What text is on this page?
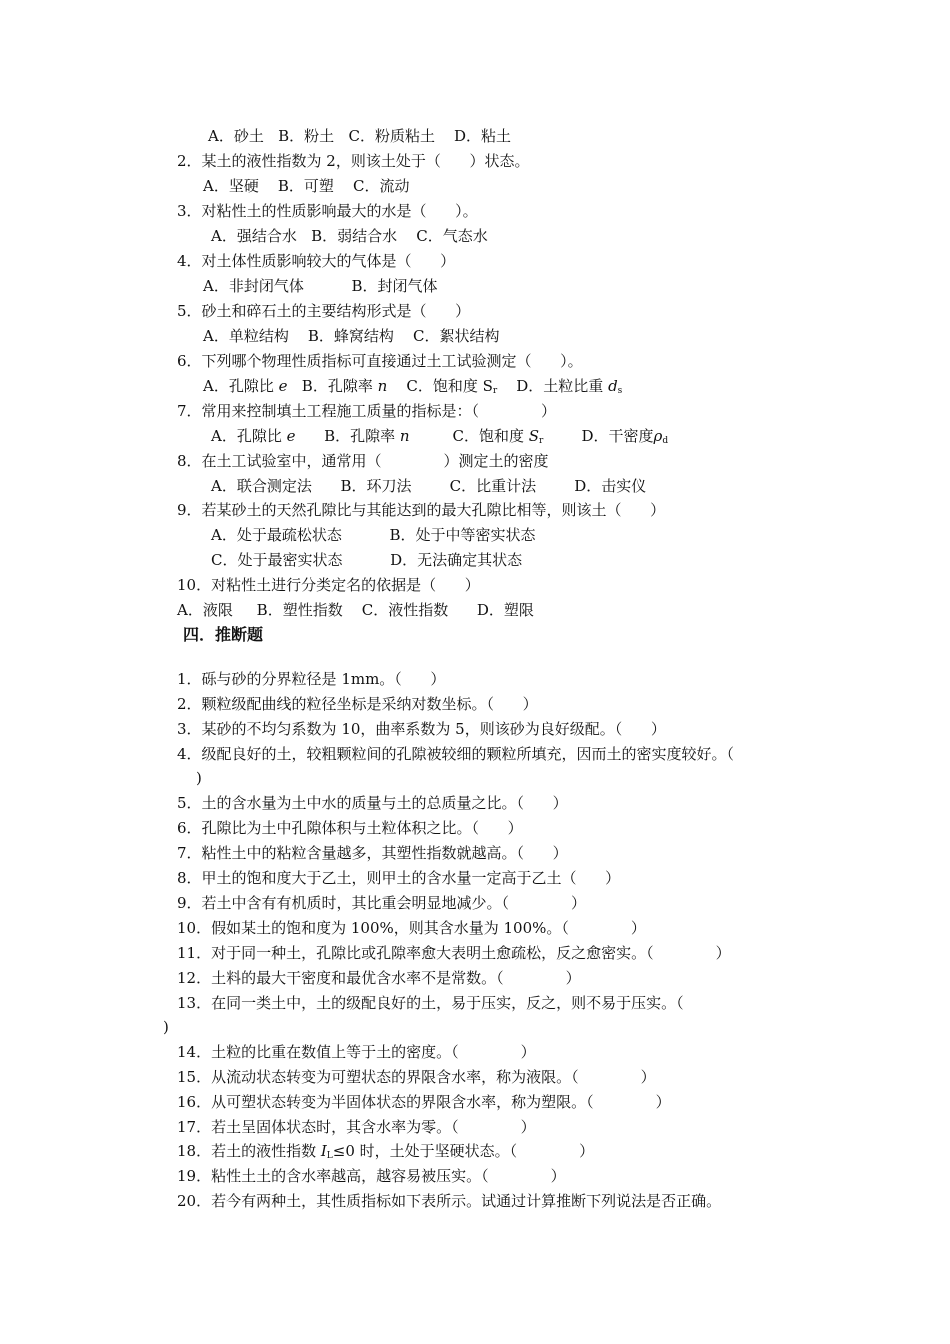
A．砂土   B．粉土   C．粉质粘土    D．粘土
2．某土的液性指数为 2，则该土处于（      ）状态。
A．坚硬    B．可塑    C．流动
3．对粘性土的性质影响最大的水是（      ）。
A．强结合水   B．弱结合水    C．气态水
4．对土体性质影响较大的气体是（      ）
A．非封闭气体          B．封闭气体
5．砂土和碎石土的主要结构形式是（      ）
A．单粒结构    B．蜂窝结构    C．絮状结构
6．下列哪个物理性质指标可直接通过土工试验测定（      ）。
A．孔隙比 e   B．孔隙率 n    C．饱和度 $S_r$    D．土粒比重 $d_s$
7．常用来控制填土工程施工质量的指标是：（             ）
A．孔隙比 e      B．孔隙率 n         C．饱和度 $S_r$        D．干密度$\rho_d$
8．在土工试验室中，通常用（             ）测定土的密度
A．联合测定法      B．环刀法        C．比重计法        D．击实仪
9．若某砂土的天然孔隙比与其能达到的最大孔隙比相等，则该土（      ）
A．处于最疏松状态          B．处于中等密实状态
C．处于最密实状态          D．无法确定其状态
10．对粘性土进行分类定名的依据是（      ）
A．液限     B．塑性指数    C．液性指数      D．塑限
四．推断题
1．砾与砂的分界粒径是 1mm。（      ）
2．颗粒级配曲线的粒径坐标是采纳对数坐标。（      ）
3．某砂的不均匀系数为 10，曲率系数为 5，则该砂为良好级配。（      ）
4．级配良好的土，较粗颗粒间的孔隙被较细的颗粒所填充，因而土的密实度较好。（
)
5．土的含水量为土中水的质量与土的总质量之比。（      ）
6．孔隙比为土中孔隙体积与土粒体积之比。（      ）
7．粘性土中的粘粒含量越多，其塑性指数就越高。（      ）
8．甲土的饱和度大于乙土，则甲土的含水量一定高于乙土（      ）
9．若土中含有有机质时，其比重会明显地减少。（             ）
10．假如某土的饱和度为 100%，则其含水量为 100%。（             ）
11．对于同一种土，孔隙比或孔隙率愈大表明土愈疏松，反之愈密实。（             ）
12．土料的最大干密度和最优含水率不是常数。（             ）
13．在同一类土中，土的级配良好的土，易于压实，反之，则不易于压实。（
)
14．土粒的比重在数值上等于土的密度。（             ）
15．从流动状态转变为可塑状态的界限含水率，称为液限。（             ）
16．从可塑状态转变为半固体状态的界限含水率，称为塑限。（             ）
17．若土呈固体状态时，其含水率为零。（             ）
18．若土的液性指数 $I_L\le 0$ 时，土处于坚硬状态。（             ）
19．粘性土土的含水率越高，越容易被压实。（             ）
20．若今有两种土，其性质指标如下表所示。试通过计算推断下列说法是否正确。
